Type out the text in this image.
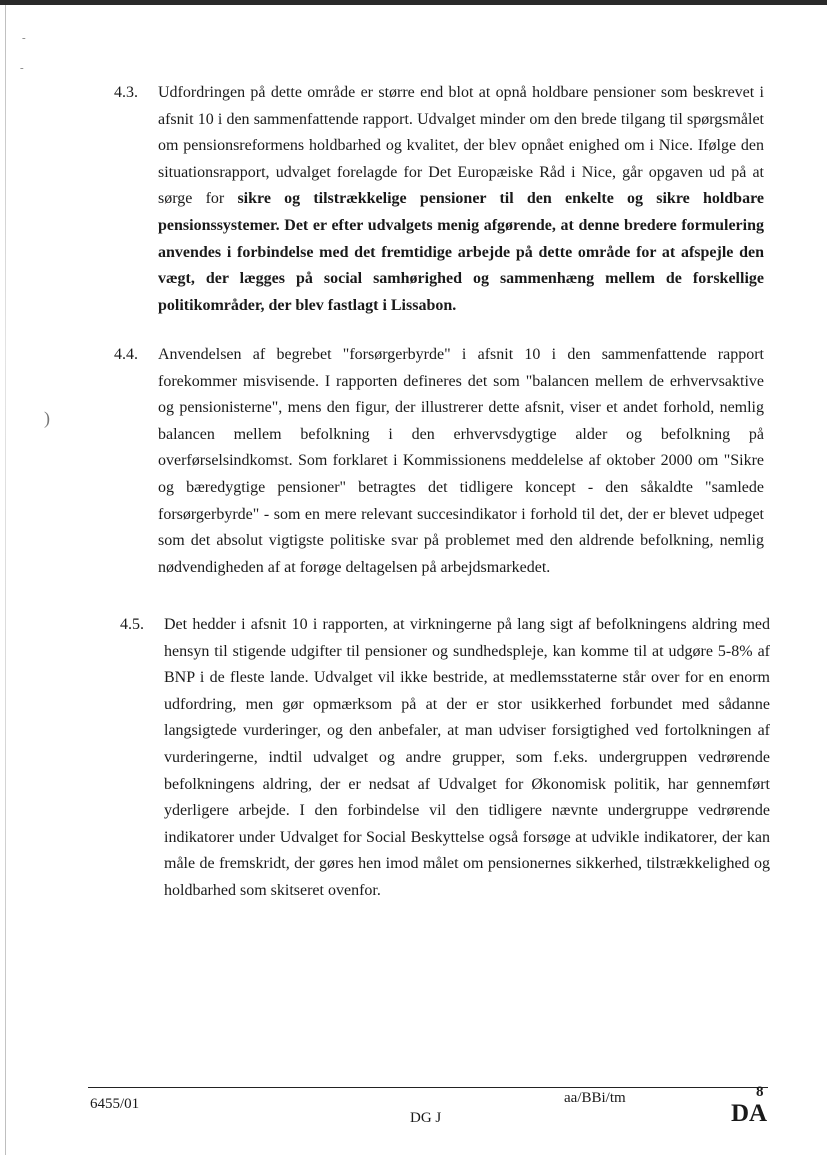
-
-
)
4.3.	Udfordringen på dette område er større end blot at opnå holdbare pensioner som beskrevet i afsnit 10 i den sammenfattende rapport. Udvalget minder om den brede tilgang til spørgsmålet om pensionsreformens holdbarhed og kvalitet, der blev opnået enighed om i Nice. Ifølge den situationsrapport, udvalget forelagde for Det Europæiske Råd i Nice, går opgaven ud på at sørge for sikre og tilstrækkelige pensioner til den enkelte og sikre holdbare pensionssystemer. Det er efter udvalgets menig afgørende, at denne bredere formulering anvendes i forbindelse med det fremtidige arbejde på dette område for at afspejle den vægt, der lægges på social samhørighed og sammenhæng mellem de forskellige politikområder, der blev fastlagt i Lissabon.
4.4.	Anvendelsen af begrebet "forsørgerbyrde" i afsnit 10 i den sammenfattende rapport forekommer misvisende. I rapporten defineres det som "balancen mellem de erhvervsaktive og pensionisterne", mens den figur, der illustrerer dette afsnit, viser et andet forhold, nemlig balancen mellem befolkning i den erhvervsdygtige alder og befolkning på overførselsindkomst. Som forklaret i Kommissionens meddelelse af oktober 2000 om "Sikre og bæredygtige pensioner" betragtes det tidligere koncept - den såkaldte "samlede forsørgerbyrde" - som en mere relevant succesindikator i forhold til det, der er blevet udpeget som det absolut vigtigste politiske svar på problemet med den aldrende befolkning, nemlig nødvendigheden af at forøge deltagelsen på arbejdsmarkedet.
4.5.	Det hedder i afsnit 10 i rapporten, at virkningerne på lang sigt af befolkningens aldring med hensyn til stigende udgifter til pensioner og sundhedspleje, kan komme til at udgøre 5-8% af BNP i de fleste lande. Udvalget vil ikke bestride, at medlemsstaterne står over for en enorm udfordring, men gør opmærksom på at der er stor usikkerhed forbundet med sådanne langsigtede vurderinger, og den anbefaler, at man udviser forsigtighed ved fortolkningen af vurderingerne, indtil udvalget og andre grupper, som f.eks. undergruppen vedrørende befolkningens aldring, der er nedsat af Udvalget for Økonomisk politik, har gennemført yderligere arbejde. I den forbindelse vil den tidligere nævnte undergruppe vedrørende indikatorer under Udvalget for Social Beskyttelse også forsøge at udvikle indikatorer, der kan måle de fremskridt, der gøres hen imod målet om pensionernes sikkerhed, tilstrækkelighed og holdbarhed som skitseret ovenfor.
6455/01	aa/BBi/tm	8
DG J	DA
